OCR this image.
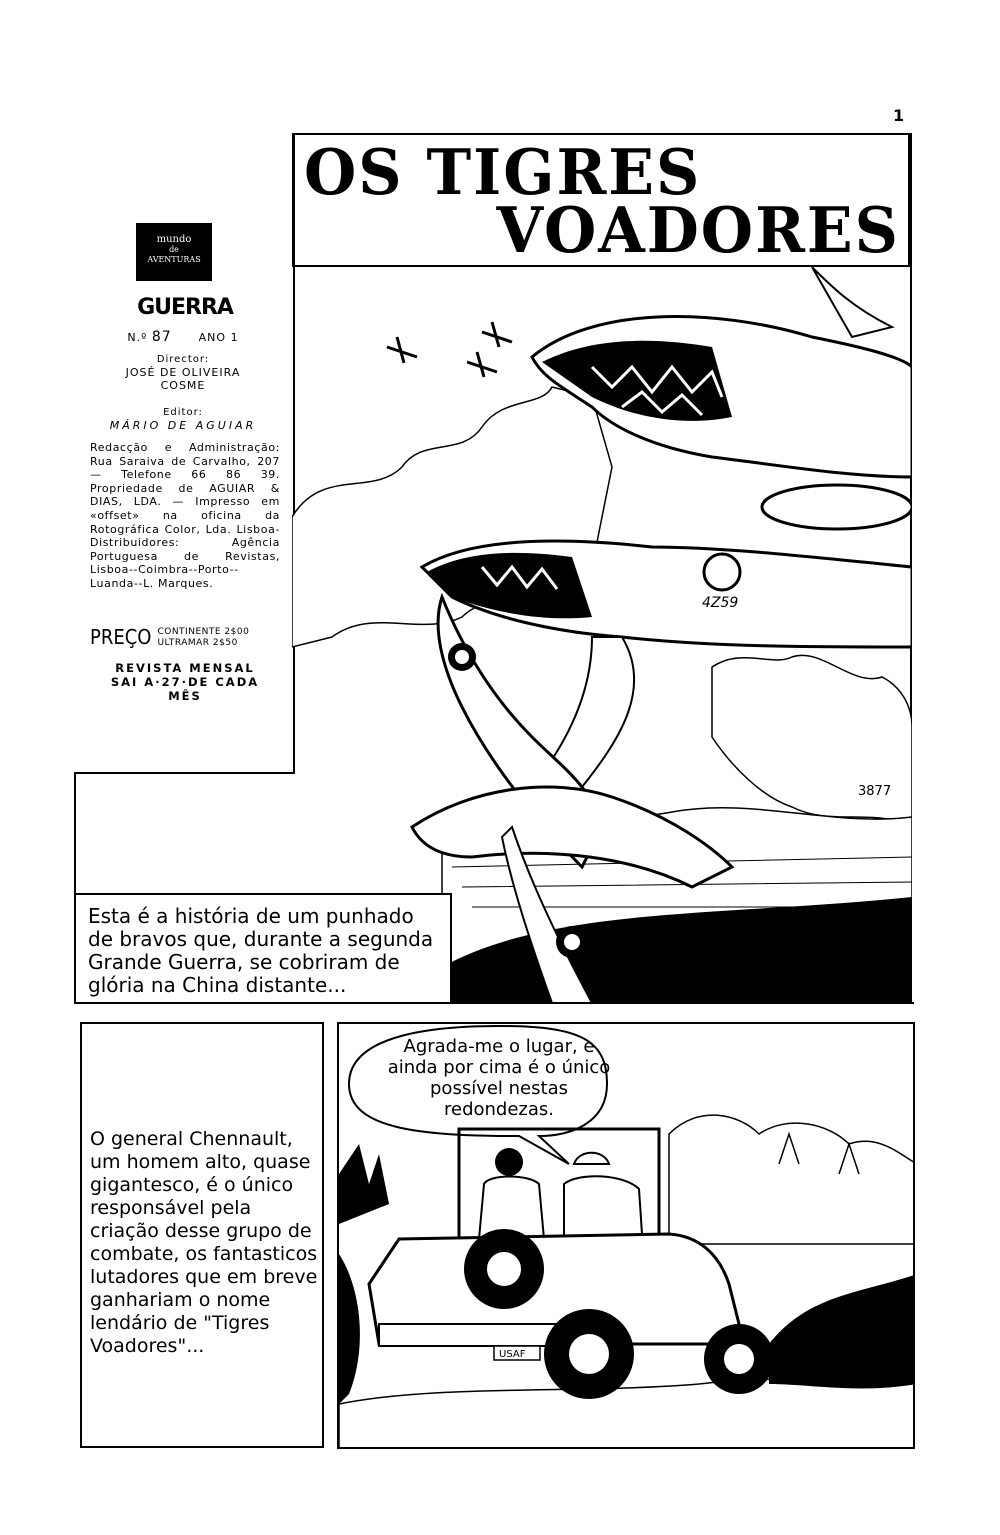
1
OS TIGRES
VOADORES
mundo
de
AVENTURAS
GUERRA
N.º 87 ANO 1
Director:
JOSÉ DE OLIVEIRA
COSME
Editor:
MÁRIO DE AGUIAR
Redacção e Administração: Rua Saraiva de Carvalho, 207 — Telefone 66 86 39. Propriedade de AGUIAR & DIAS, LDA. — Impresso em «offset» na oficina da Rotográfica Color, Lda. Lisboa-Distribuidores: Agência Portuguesa de Revistas, Lisboa--Coimbra--Porto--Luanda--L. Marques.
PREÇO CONTINENTE 2$00
ULTRAMAR 2$50
REVISTA MENSAL
SAI A·27·DE CADA
MÊS
4Z59
3877
Esta é a história de um punhado de bravos que, durante a segunda Grande Guerra, se cobriram de glória na China distante...
O general Chennault, um homem alto, quase gigantesco, é o único responsável pela criação desse grupo de combate, os fantasticos lutadores que em breve ganhariam o nome lendário de "Tigres Voadores"...	USAF
Agrada-me o lugar, e ainda por cima é o único possível nestas redondezas.
